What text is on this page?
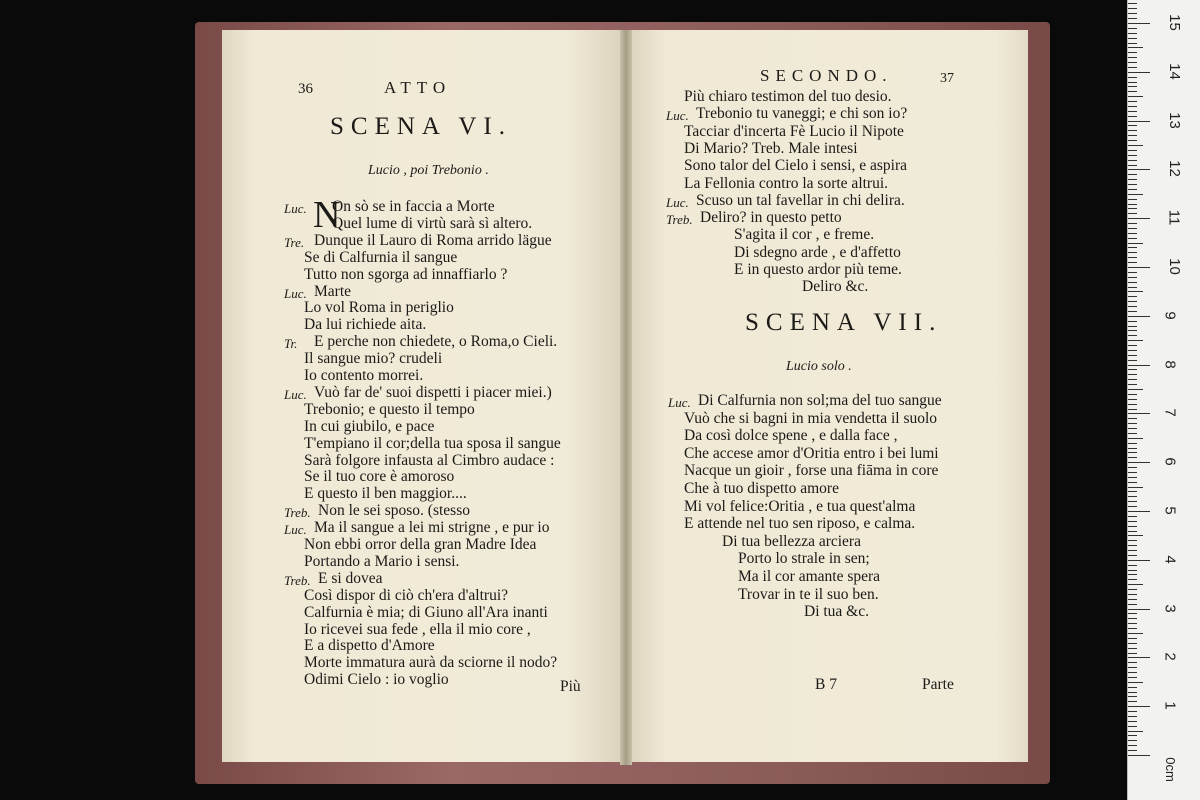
36	ATTO
SCENA VI.
Lucio , poi Trebonio .
N
Luc. On sò se in faccia a Morte
Quel lume di virtù sarà sì altero.
Tre. Dunque il Lauro di Roma arrido lägue
Se di Calfurnia il sangue
Tutto non sgorga ad innaffiarlo ?
Luc. Marte
Lo vol Roma in periglio
Da lui richiede aita.
Tr. E perche non chiedete, o Roma,o Cieli.
Il sangue mio? crudeli
Io contento morrei.
Luc. Vuò far de' suoi dispetti i piacer miei.)
Trebonio; e questo il tempo
In cui giubilo, e pace
T'empiano il cor;della tua sposa il sangue
Sarà folgore infausta al Cimbro audace :
Se il tuo core è amoroso
E questo il ben maggior....
Treb. Non le sei sposo. (stesso
Luc. Ma il sangue a lei mi strigne , e pur io
Non ebbi orror della gran Madre Idea
Portando a Mario i sensi.
Treb. E si dovea
Così dispor di ciò ch'era d'altrui?
Calfurnia è mia; di Giuno all'Ara inanti
Io ricevei sua fede , ella il mio core ,
E a dispetto d'Amore
Morte immatura aurà da sciorne il nodo?
Odimi Cielo : io voglio	Più
SECONDO.	37
Più chiaro testimon del tuo desio.
Luc. Trebonio tu vaneggi; e chi son io?
Tacciar d'incerta Fè Lucio il Nipote
Di Mario? Treb. Male intesi
Sono talor del Cielo i sensi, e aspira
La Fellonia contro la sorte altrui.
Luc. Scuso un tal favellar in chi delira.
Treb. Deliro? in questo petto
S'agita il cor , e freme.
Di sdegno arde , e d'affetto
E in questo ardor più teme.
Deliro &c.
SCENA VII.
Lucio solo .
Luc. Di Calfurnia non sol;ma del tuo sangue
Vuò che si bagni in mia vendetta il suolo
Da così dolce spene , e dalla face ,
Che accese amor d'Oritia entro i bei lumi
Nacque un gioir , forse una fiāma in core
Che à tuo dispetto amore
Mi vol felice:Oritia , e tua quest'alma
E attende nel tuo sen riposo, e calma.
Di tua bellezza arciera
Porto lo strale in sen;
Ma il cor amante spera
Trovar in te il suo ben.
Di tua &c.
B 7	Parte
1
2
3
4
5
6
7
8
9
10
11
12
13
14
15
0cm
